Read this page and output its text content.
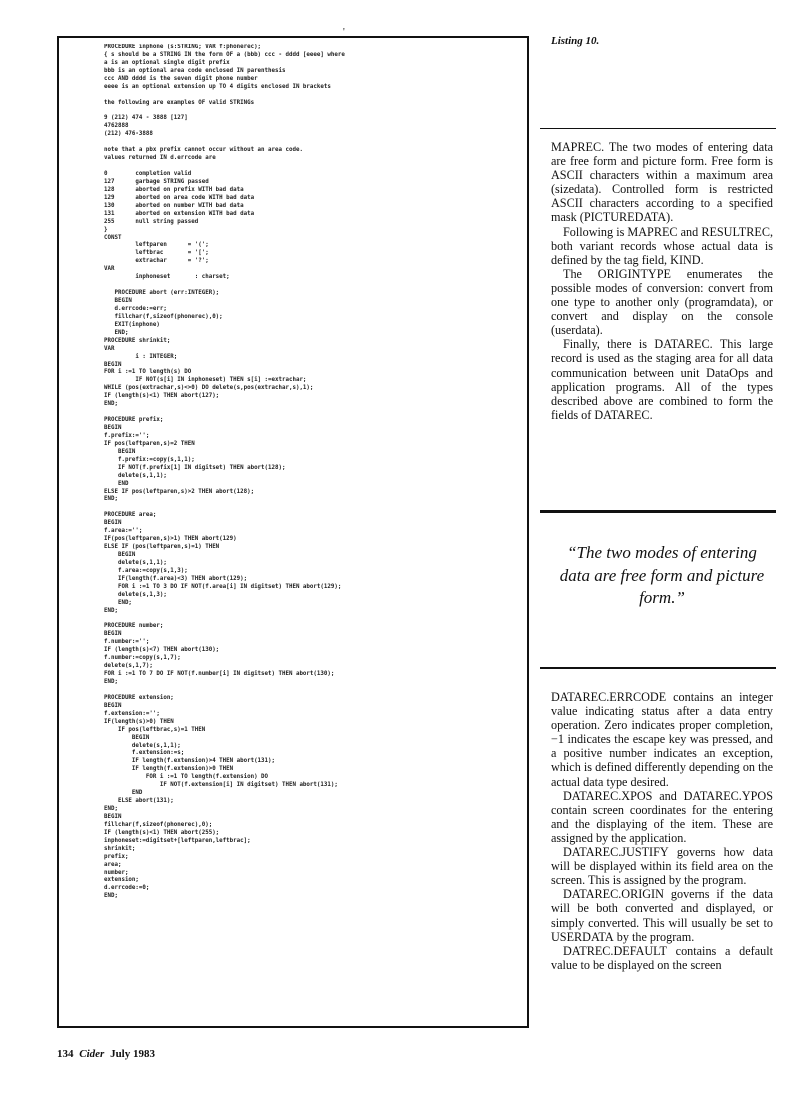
'
PROCEDURE inphone (s:STRING; VAR f:phonerec);
{ s should be a STRING IN the form OF a (bbb) ccc - dddd [eeee] where
a is an optional single digit prefix
bbb is an optional area code enclosed IN parenthesis
ccc AND dddd is the seven digit phone number
eeee is an optional extension up TO 4 digits enclosed IN brackets

the following are examples OF valid STRINGs

9 (212) 474 - 3888 [127]
4762888
(212) 476-3888

note that a pbx prefix cannot occur without an area code.
values returned IN d.errcode are

0        completion valid
127      garbage STRING passed
128      aborted on prefix WITH bad data
129      aborted on area code WITH bad data
130      aborted on number WITH bad data
131      aborted on extension WITH bad data
255      null string passed
}
CONST
leftparen      = '(';
leftbrac       = '[';
extrachar      = '?';
VAR
inphoneset       : charset;

PROCEDURE abort (err:INTEGER);
BEGIN
d.errcode:=err;
fillchar(f,sizeof(phonerec),0);
EXIT(inphone)
END;
PROCEDURE shrinkit;
VAR
i : INTEGER;
BEGIN
FOR i :=1 TO length(s) DO
IF NOT(s[i] IN inphoneset) THEN s[i] :=extrachar;
WHILE (pos(extrachar,s)<>0) DO delete(s,pos(extrachar,s),1);
IF (length(s)<1) THEN abort(127);
END;

PROCEDURE prefix;
BEGIN
f.prefix:='';
IF pos(leftparen,s)=2 THEN
BEGIN
f.prefix:=copy(s,1,1);
IF NOT(f.prefix[1] IN digitset) THEN abort(128);
delete(s,1,1);
END
ELSE IF pos(leftparen,s)>2 THEN abort(128);
END;

PROCEDURE area;
BEGIN
f.area:='';
IF(pos(leftparen,s)>1) THEN abort(129)
ELSE IF (pos(leftparen,s)=1) THEN
BEGIN
delete(s,1,1);
f.area:=copy(s,1,3);
IF(length(f.area)<3) THEN abort(129);
FOR i :=1 TO 3 DO IF NOT(f.area[i] IN digitset) THEN abort(129);
delete(s,1,3);
END;
END;

PROCEDURE number;
BEGIN
f.number:='';
IF (length(s)<7) THEN abort(130);
f.number:=copy(s,1,7);
delete(s,1,7);
FOR i :=1 TO 7 DO IF NOT(f.number[i] IN digitset) THEN abort(130);
END;

PROCEDURE extension;
BEGIN
f.extension:='';
IF(length(s)>0) THEN
IF pos(leftbrac,s)=1 THEN
BEGIN
delete(s,1,1);
f.extension:=s;
IF length(f.extension)>4 THEN abort(131);
IF length(f.extension)>0 THEN
FOR i :=1 TO length(f.extension) DO
IF NOT(f.extension[i] IN digitset) THEN abort(131);
END
ELSE abort(131);
END;
BEGIN
fillchar(f,sizeof(phonerec),0);
IF (length(s)<1) THEN abort(255);
inphoneset:=digitset+[leftparen,leftbrac];
shrinkit;
prefix;
area;
number;
extension;
d.errcode:=0;
END;
Listing 10.

MAPREC. The two modes of entering data are free form and picture form. Free form is ASCII characters within a maximum area (sizedata). Controlled form is restricted ASCII characters according to a specified mask (PICTUREDATA).

Following is MAPREC and RESULTREC, both variant records whose actual data is defined by the tag field, KIND.

The ORIGINTYPE enumerates the possible modes of conversion: convert from one type to another only (programdata), or convert and display on the console (userdata).

Finally, there is DATAREC. This large record is used as the staging area for all data communication between unit DataOps and application programs. All of the types described above are combined to form the fields of DATAREC.

“The two modes of entering data are free form and picture form.”

DATAREC.ERRCODE contains an integer value indicating status after a data entry operation. Zero indicates proper completion, −1 indicates the escape key was pressed, and a positive number indicates an exception, which is defined differently depending on the actual data type desired.

DATAREC.XPOS and DATAREC.YPOS contain screen coordinates for the entering and the displaying of the item. These are assigned by the application.

DATAREC.JUSTIFY governs how data will be displayed within its field area on the screen. This is assigned by the program.

DATAREC.ORIGIN governs if the data will be both converted and displayed, or simply converted. This will usually be set to USERDATA by the program.

DATREC.DEFAULT contains a default value to be displayed on the screen

134 Cider July 1983
